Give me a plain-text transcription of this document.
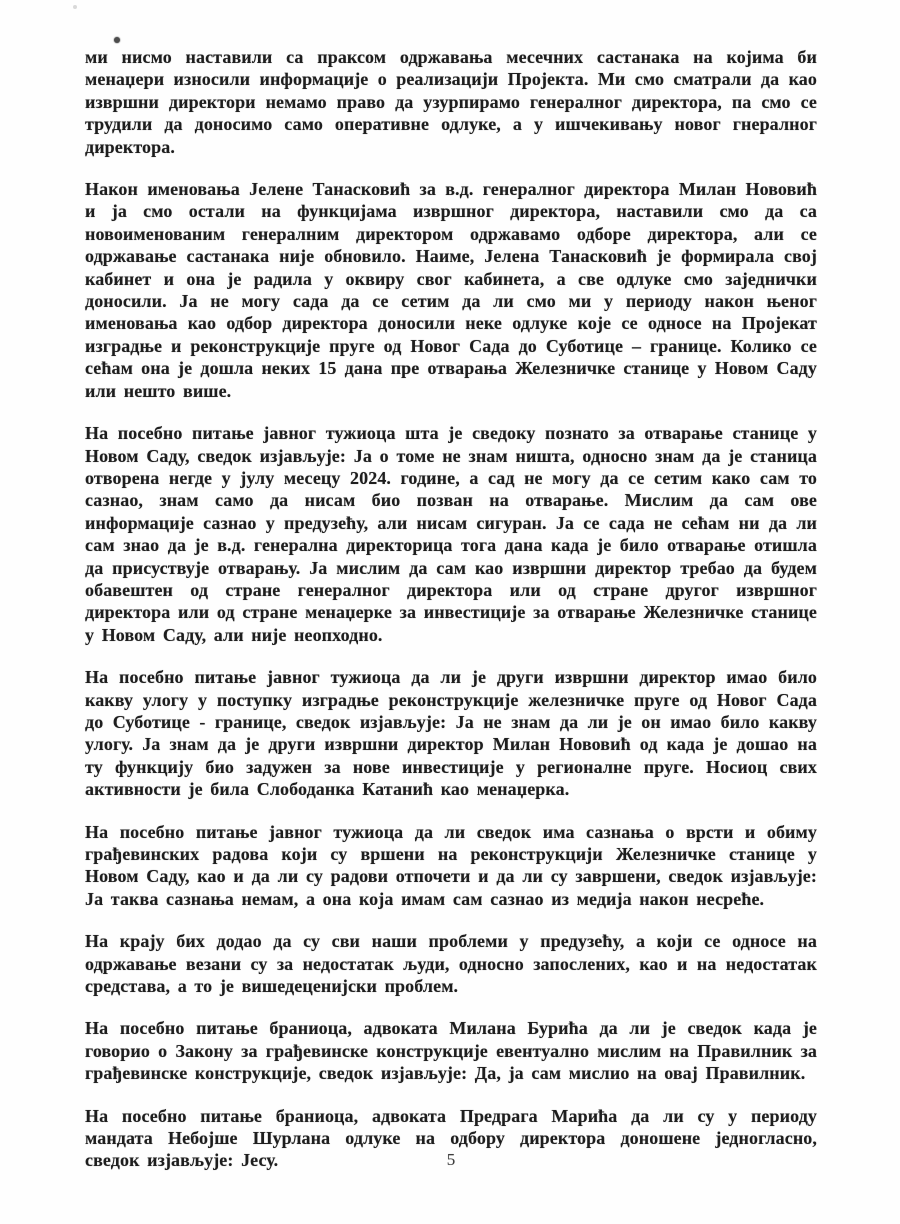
ми нисмо наставили са праксом одржавања месечних састанака на којима би менаџери износили информације о реализацији Пројекта. Ми смо сматрали да као извршни директори немамо право да узурпирамо генералног директора, па смо се трудили да доносимо само оперативне одлуке, а у ишчекивању новог гнералног директора.

Након именовања Јелене Танасковић за в.д. генералног директора Милан Нововић и ја смо остали на функцијама извршног директора, наставили смо да са новоименованим генералним директором одржавамо одборе директора, али се одржавање састанака није обновило. Наиме, Јелена Танасковић је формирала свој кабинет и она је радила у оквиру свог кабинета, а све одлуке смо заједнички доносили. Ја не могу сада да се сетим да ли смо ми у периоду након њеног именовања као одбор директора доносили неке одлуке које се односе на Пројекат изградње и реконструкције пруге од Новог Сада до Суботице – границе. Колико се сећам она је дошла неких 15 дана пре отварања Железничке станице у Новом Саду или нешто више.

На посебно питање јавног тужиоца шта је сведоку познато за отварање станице у Новом Саду, сведок изјављује: Ја о томе не знам ништа, односно знам да је станица отворена негде у јулу месецу 2024. године, а сад не могу да се сетим како сам то сазнао, знам само да нисам био позван на отварање. Мислим да сам ове информације сазнао у предузећу, али нисам сигуран. Ја се сада не сећам ни да ли сам знао да је в.д. генерална директорица тога дана када је било отварање отишла да присуствује отварању. Ја мислим да сам као извршни директор требао да будем обавештен од стране генералног директора или од стране другог извршног директора или од стране менаџерке за инвестиције за отварање Железничке станице у Новом Саду, али није неопходно.

На посебно питање јавног тужиоца да ли је други извршни директор имао било какву улогу у поступку изградње реконструкције железничке пруге од Новог Сада до Суботице - границе, сведок изјављује: Ја не знам да ли је он имао било какву улогу. Ја знам да је други извршни директор Милан Нововић од када је дошао на ту функцију био задужен за нове инвестиције у регионалне пруге. Носиоц свих активности је била Слободанка Катанић као менаџерка.

На посебно питање јавног тужиоца да ли сведок има сазнања о врсти и обиму грађевинских радова који су вршени на реконструкцији Железничке станице у Новом Саду, као и да ли су радови отпочети и да ли су завршени, сведок изјављује: Ја таква сазнања немам, а она која имам сам сазнао из медија након несреће.

На крају бих додао да су сви наши проблеми у предузећу, а који се односе на одржавање везани су за недостатак људи, односно запослених, као и на недостатак средстава, а то је вишедеценијски проблем.

На посебно питање браниоца, адвоката Милана Бурића да ли је сведок када је говорио о Закону за грађевинске конструкције евентуално мислим на Правилник за грађевинске конструкције, сведок изјављује: Да, ја сам мислио на овај Правилник.

На посебно питање браниоца, адвоката Предрага Марића да ли су у периоду мандата Небојше Шурлана одлуке на одбору директора доношене једногласно, сведок изјављује: Јесу.	5
